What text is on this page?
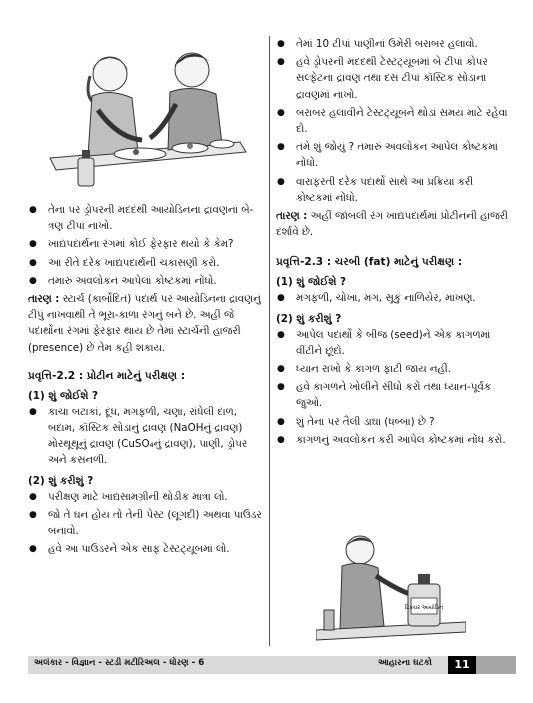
● તેના પર ડ્રોપરની મદદથી આયોડિનના દ્રાવણનાં બે-ત્રણ ટીપાં નાખો.
● ખાદ્યપદાર્થના રંગમાં કોઈ ફેરફાર થયો કે કેમ?
● આ રીતે દરેક ખાદ્યપદાર્થની ચકાસણી કરો.
● તમારું અવલોકન આપેલાં કોષ્ટકમાં નોંધો.
તારણ : સ્ટાર્ચ (કાર્બોદિત) પદાર્થ પર આયોડિનના દ્રાવણનું ટીપું નાખવાથી તે ભૂરા-કાળા રંગનું બને છે. અહીં જે પદાર્થોના રંગમાં ફેરફાર થાય છે તેમાં સ્ટાર્ચની હાજરી (presence) છે તેમ કહી શકાય.
પ્રવૃત્તિ-2.2 : પ્રોટીન માટેનું પરીક્ષણ :
(1) શું જોઈશે ?
● કાચા બટાકાં, દૂધ, મગફળી, ચણા, રાંધેલી દાળ, બદામ, કૉસ્ટિક સોડાનું દ્રાવણ (NaOHનું દ્રાવણ) મોરથૂથૂનું દ્રાવણ (CuSO₄નું દ્રાવણ), પાણી, ડ્રોપર અને કસનળી.
(2) શું કરીશું ?
● પરીક્ષણ માટે ખાદ્યસામગ્રીની થોડીક માત્રા લો.
● જો તે ઘન હોય તો તેની પેસ્ટ (લૂગદી) અથવા પાઉડર બનાવો.
● હવે આ પાઉડરને એક સાફ ટેસ્ટટ્યૂબમાં લો.
● તેમાં 10 ટીપાં પાણીનાં ઉમેરી બરાબર હલાવો.
● હવે ડ્રોપરની મદદથી ટેસ્ટટ્યૂબમાં બે ટીપાં કોપર સલ્ફેટના દ્રાવણ તથા દસ ટીપાં કૉસ્ટિક સોડાના દ્રાવણમાં નાખો.
● બરાબર હલાવીને ટેસ્ટટ્યૂબને થોડાં સમય માટે રહેવા દો.
● તમે શું જોયું ? તમારું અવલોકન આપેલ કોષ્ટકમાં નોંધો.
● વારાફરતી દરેક પદાર્થો સાથે આ પ્રક્રિયા કરી કોષ્ટકમાં નોંધો.
તારણ : અહીં જાંબલી રંગ ખાદ્યપદાર્થમાં પ્રોટીનની હાજરી દર્શાવે છે.
પ્રવૃત્તિ-2.3 : ચરબી (fat) માટેનું પરીક્ષણ :
(1) શું જોઈશે ?
● મગફળી, ચોખા, મગ, સૂકું નાળિયેર, માખણ.
(2) શું કરીશું ?
● આપેલ પદાર્થો કે બીજ (seed)ને એક કાગળમાં વીંટીને છૂંદો.
● ધ્યાન રાખો કે કાગળ ફાટી જાય નહીં.
● હવે કાગળને ખોલીને સીધો કરો તથા ધ્યાન-પૂર્વક જુઓ.
● શું તેના પર તૈલી ડાઘા (ધબ્બા) છે ?
● કાગળનું અવલોકન કરી આપેલ કોષ્ટકમાં નોંધ કરો.
ટિંક્ચર આયોડિન
અલંકાર - વિજ્ઞાન - સ્ટડી મટીરિઅલ - ધોરણ - 6	આહારના ઘટકો	11
